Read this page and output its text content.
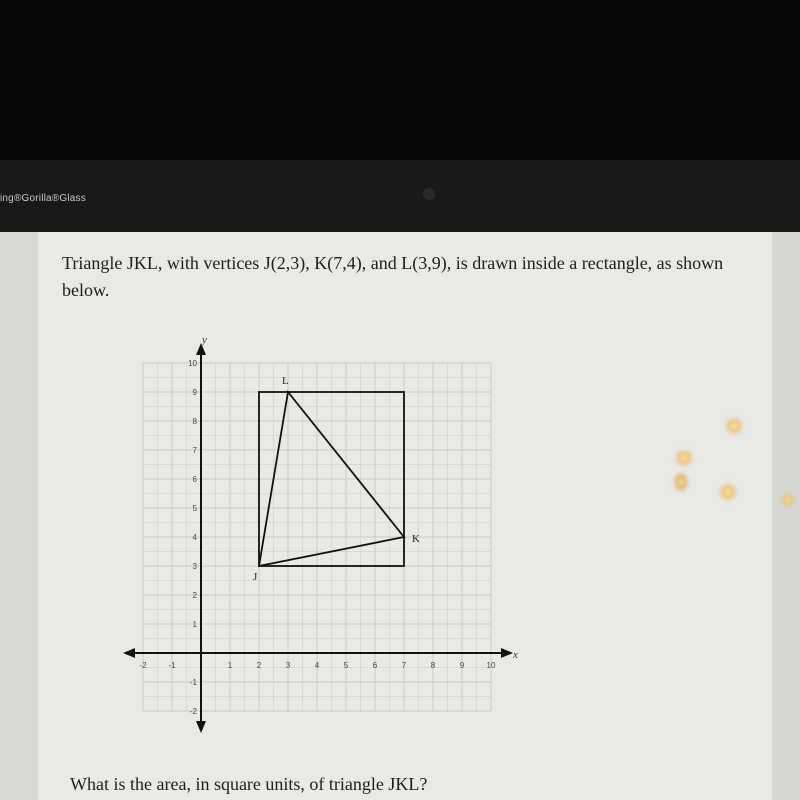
ing®Gorilla®Glass
Triangle JKL, with vertices J(2,3), K(7,4), and L(3,9), is drawn inside a rectangle, as shown below.
x
y
-2	-1	1	2	3	4	5	6	7	8	9	10
-2
-1
1
2
3
4
5
6
7
8
9
10
J
K
L
What is the area, in square units, of triangle JKL?
